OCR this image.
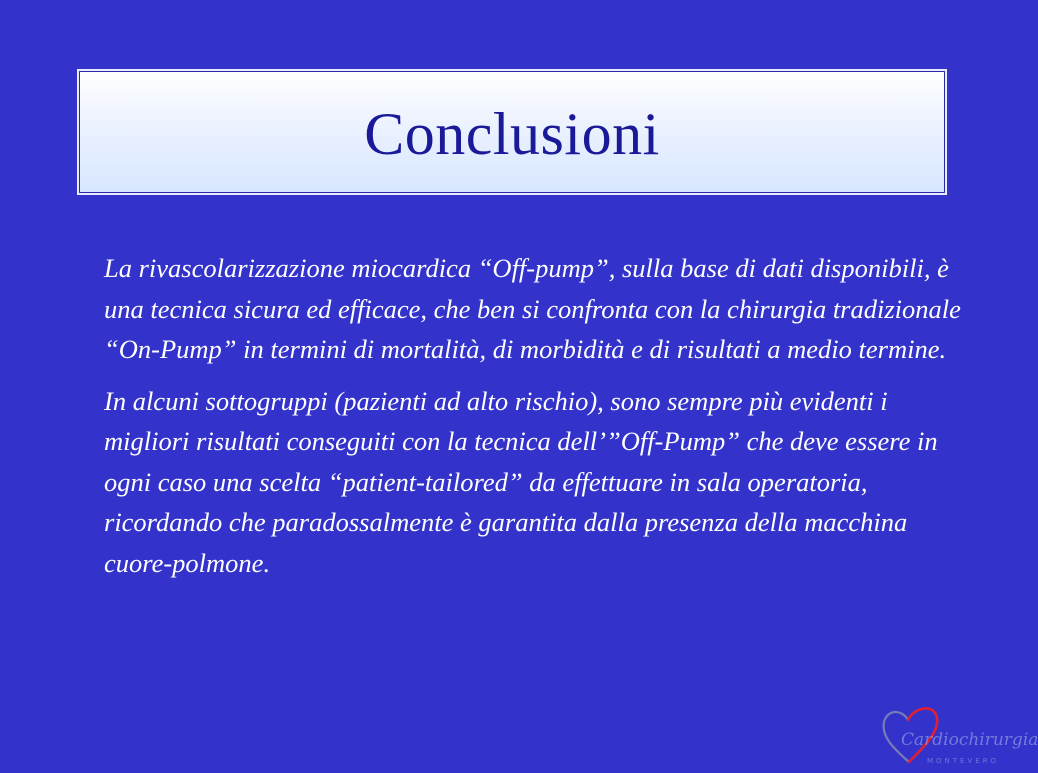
Conclusioni

La rivascolarizzazione miocardica “Off-pump”, sulla base di dati disponibili, è una tecnica sicura ed efficace, che ben si confronta con la chirurgia tradizionale “On-Pump” in termini di mortalità, di morbidità e di risultati a medio termine.

In alcuni sottogruppi (pazienti ad alto rischio), sono sempre più evidenti i migliori risultati conseguiti con la tecnica dell’”Off-Pump” che deve essere in ogni caso una scelta “patient-tailored” da effettuare in sala operatoria, ricordando che paradossalmente è garantita dalla presenza della macchina cuore-polmone.

Cardiochirurgia
MONTEVERO
